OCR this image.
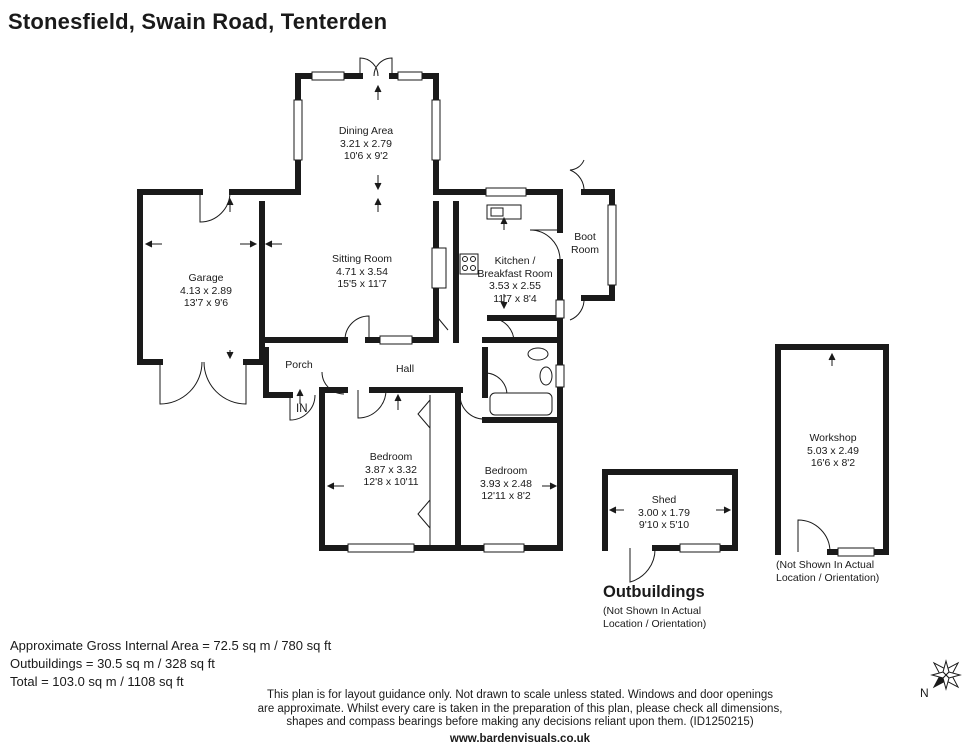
Stonesfield, Swain Road, Tenterden
Dining Area
3.21 x 2.79
10'6 x 9'2
Sitting Room
4.71 x 3.54
15'5 x 11'7
Garage
4.13 x 2.89
13'7 x 9'6
Kitchen /
Breakfast Room
3.53 x 2.55
11'7 x 8'4
Boot
Room
Porch	Hall
Bedroom
3.87 x 3.32
12'8 x 10'11
Bedroom
3.93 x 2.48
12'11 x 8'2	Shed
3.00 x 1.79
9'10 x 5'10
Workshop
5.03 x 2.49
16'6 x 8'2
IN
(Not Shown In Actual
Location / Orientation)
Outbuildings
(Not Shown In Actual
Location / Orientation)
Approximate Gross Internal Area = 72.5 sq m / 780 sq ft
Outbuildings = 30.5 sq m / 328 sq ft
Total = 103.0 sq m / 1108 sq ft
This plan is for layout guidance only. Not drawn to scale unless stated. Windows and door openings
are approximate. Whilst every care is taken in the preparation of this plan, please check all dimensions,
shapes and compass bearings before making any decisions reliant upon them. (ID1250215)
www.bardenvisuals.co.uk
N
